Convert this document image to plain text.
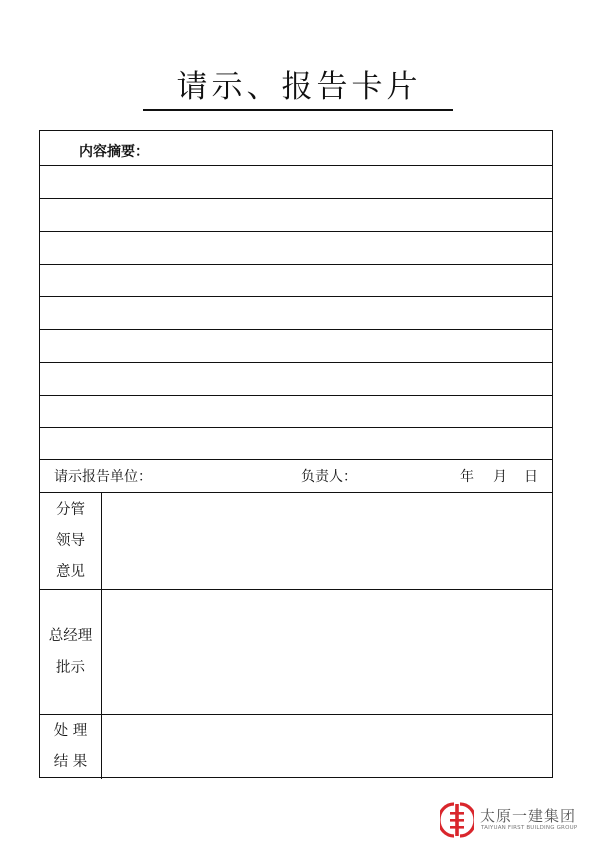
请示、报告卡片
内容摘要：
请示报告单位：	负责人：	年 月 日
分管
领导
意见
总经理
批示
处 理
结 果
太原一建集团
TAIYUAN FIRST BUILDING GROUP
